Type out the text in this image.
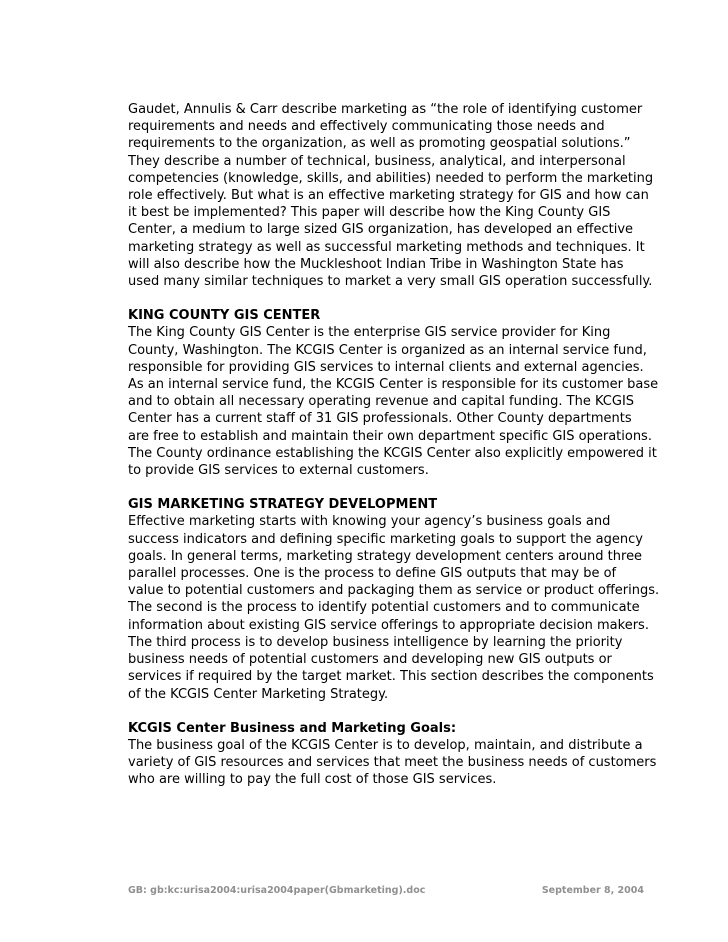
Gaudet, Annulis & Carr describe marketing as “the role of identifying customer
requirements and needs and effectively communicating those needs and
requirements to the organization, as well as promoting geospatial solutions.”
They describe a number of technical, business, analytical, and interpersonal
competencies (knowledge, skills, and abilities) needed to perform the marketing
role effectively. But what is an effective marketing strategy for GIS and how can
it best be implemented? This paper will describe how the King County GIS
Center, a medium to large sized GIS organization, has developed an effective
marketing strategy as well as successful marketing methods and techniques. It
will also describe how the Muckleshoot Indian Tribe in Washington State has
used many similar techniques to market a very small GIS operation successfully.

KING COUNTY GIS CENTER

The King County GIS Center is the enterprise GIS service provider for King
County, Washington. The KCGIS Center is organized as an internal service fund,
responsible for providing GIS services to internal clients and external agencies.
As an internal service fund, the KCGIS Center is responsible for its customer base
and to obtain all necessary operating revenue and capital funding. The KCGIS
Center has a current staff of 31 GIS professionals. Other County departments
are free to establish and maintain their own department specific GIS operations.
The County ordinance establishing the KCGIS Center also explicitly empowered it
to provide GIS services to external customers.

GIS MARKETING STRATEGY DEVELOPMENT

Effective marketing starts with knowing your agency’s business goals and
success indicators and defining specific marketing goals to support the agency
goals. In general terms, marketing strategy development centers around three
parallel processes. One is the process to define GIS outputs that may be of
value to potential customers and packaging them as service or product offerings.
The second is the process to identify potential customers and to communicate
information about existing GIS service offerings to appropriate decision makers.
The third process is to develop business intelligence by learning the priority
business needs of potential customers and developing new GIS outputs or
services if required by the target market. This section describes the components
of the KCGIS Center Marketing Strategy.

KCGIS Center Business and Marketing Goals:

The business goal of the KCGIS Center is to develop, maintain, and distribute a
variety of GIS resources and services that meet the business needs of customers
who are willing to pay the full cost of those GIS services.

GB: gb:kc:urisa2004:urisa2004paper(Gbmarketing).doc	September 8, 2004
